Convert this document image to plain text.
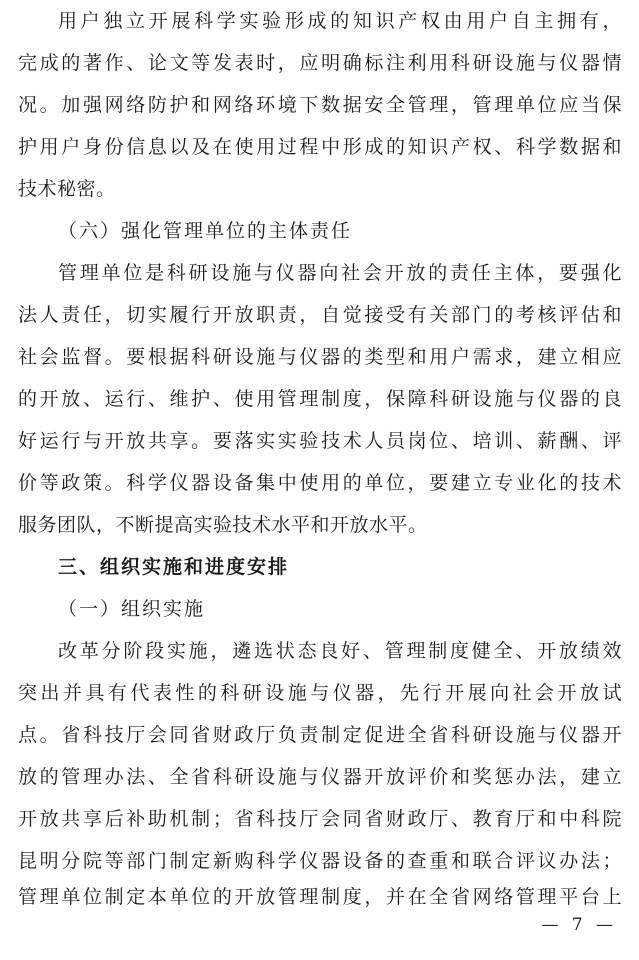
用户独立开展科学实验形成的知识产权由用户自主拥有，
完成的著作、论文等发表时，应明确标注利用科研设施与仪器情
况。加强网络防护和网络环境下数据安全管理，管理单位应当保
护用户身份信息以及在使用过程中形成的知识产权、科学数据和
技术秘密。
（六）强化管理单位的主体责任
管理单位是科研设施与仪器向社会开放的责任主体，要强化
法人责任，切实履行开放职责，自觉接受有关部门的考核评估和
社会监督。要根据科研设施与仪器的类型和用户需求，建立相应
的开放、运行、维护、使用管理制度，保障科研设施与仪器的良
好运行与开放共享。要落实实验技术人员岗位、培训、薪酬、评
价等政策。科学仪器设备集中使用的单位，要建立专业化的技术
服务团队，不断提高实验技术水平和开放水平。
三、组织实施和进度安排
（一）组织实施
改革分阶段实施，遴选状态良好、管理制度健全、开放绩效
突出并具有代表性的科研设施与仪器，先行开展向社会开放试
点。省科技厅会同省财政厅负责制定促进全省科研设施与仪器开
放的管理办法、全省科研设施与仪器开放评价和奖惩办法，建立
开放共享后补助机制；省科技厅会同省财政厅、教育厅和中科院
昆明分院等部门制定新购科学仪器设备的查重和联合评议办法；
管理单位制定本单位的开放管理制度，并在全省网络管理平台上
— 7 —
